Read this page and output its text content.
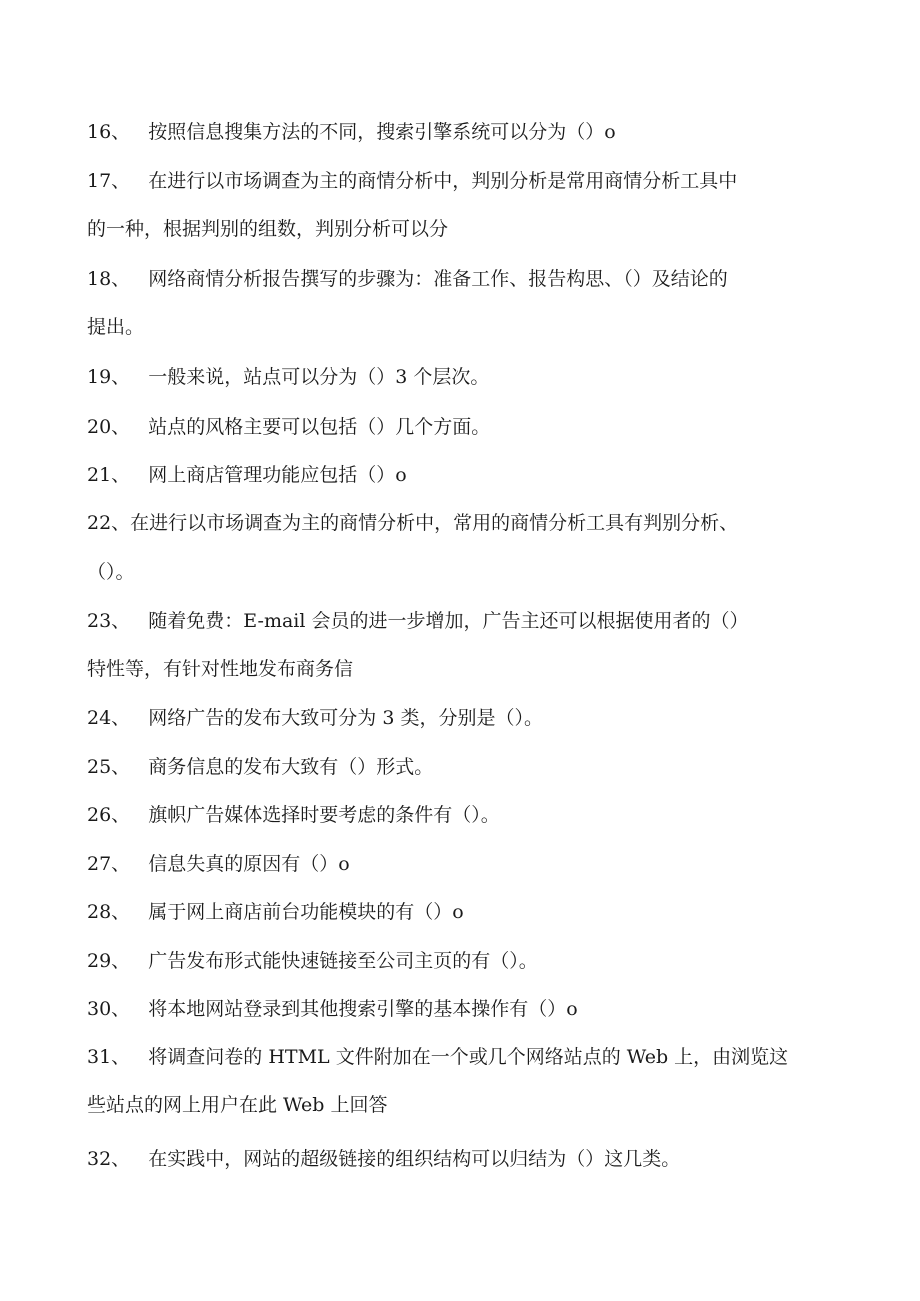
16、   按照信息搜集方法的不同，搜索引擎系统可以分为（）o
17、   在进行以市场调查为主的商情分析中，判别分析是常用商情分析工具中
的一种，根据判别的组数，判别分析可以分
18、   网络商情分析报告撰写的步骤为：准备工作、报告构思、（）及结论的
提出。
19、   一般来说，站点可以分为（）3 个层次。
20、   站点的风格主要可以包括（）几个方面。
21、   网上商店管理功能应包括（）o
22、在进行以市场调查为主的商情分析中，常用的商情分析工具有判别分析、
（）。
23、   随着免费：E-mail 会员的进一步增加，广告主还可以根据使用者的（）
特性等，有针对性地发布商务信
24、   网络广告的发布大致可分为 3 类，分别是（）。
25、   商务信息的发布大致有（）形式。
26、   旗帜广告媒体选择时要考虑的条件有（）。
27、   信息失真的原因有（）o
28、   属于网上商店前台功能模块的有（）o
29、   广告发布形式能快速链接至公司主页的有（）。
30、   将本地网站登录到其他搜索引擎的基本操作有（）o
31、   将调查问卷的 HTML 文件附加在一个或几个网络站点的 Web 上，由浏览这
些站点的网上用户在此 Web 上回答
32、   在实践中，网站的超级链接的组织结构可以归结为（）这几类。
